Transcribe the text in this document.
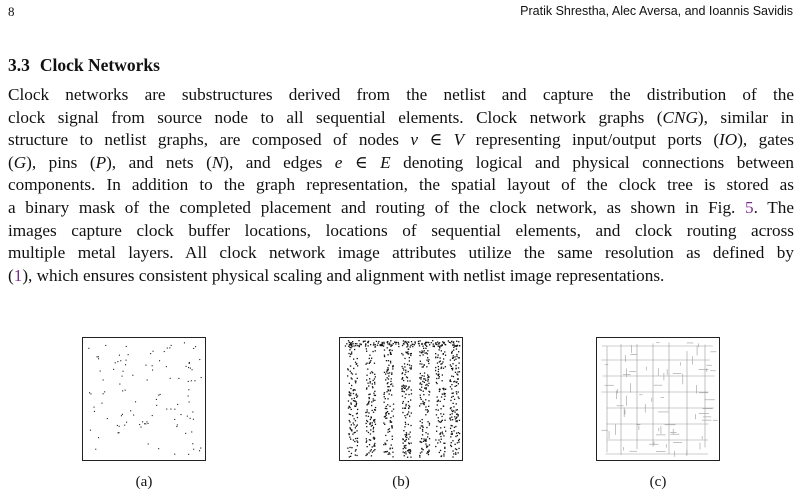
8	Pratik Shrestha, Alec Aversa, and Ioannis Savidis
3.3 Clock Networks

Clock networks are substructures derived from the netlist and capture the distribution of the
clock signal from source node to all sequential elements. Clock network graphs (CNG), similar in
structure to netlist graphs, are composed of nodes v ∈ V representing input/output ports (IO), gates
(G), pins (P), and nets (N), and edges e ∈ E denoting logical and physical connections between
components. In addition to the graph representation, the spatial layout of the clock tree is stored as
a binary mask of the completed placement and routing of the clock network, as shown in Fig. 5. The
images capture clock buffer locations, locations of sequential elements, and clock routing across
multiple metal layers. All clock network image attributes utilize the same resolution as defined by
(1), which ensures consistent physical scaling and alignment with netlist image representations.

(a)	(b)	(c)
